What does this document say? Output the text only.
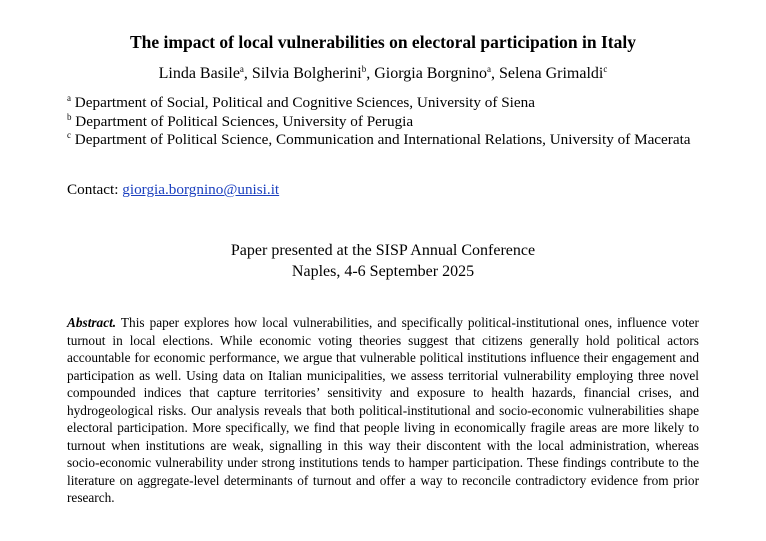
The impact of local vulnerabilities on electoral participation in Italy
Linda Basile$^a$, Silvia Bolgherini$^b$, Giorgia Borgnino$^a$, Selena Grimaldi$^c$

$^a$ Department of Social, Political and Cognitive Sciences, University of Siena

$^b$ Department of Political Sciences, University of Perugia

$^c$ Department of Political Science, Communication and International Relations, University of Macerata

Contact: giorgia.borgnino@unisi.it
Paper presented at the SISP Annual Conference
Naples, 4-6 September 2025

Abstract. This paper explores how local vulnerabilities, and specifically political-institutional ones, influence voter turnout in local elections. While economic voting theories suggest that citizens generally hold political actors accountable for economic performance, we argue that vulnerable political institutions influence their engagement and participation as well. Using data on Italian municipalities, we assess territorial vulnerability employing three novel compounded indices that capture territories’ sensitivity and exposure to health hazards, financial crises, and hydrogeological risks. Our analysis reveals that both political-institutional and socio-economic vulnerabilities shape electoral participation. More specifically, we find that people living in economically fragile areas are more likely to turnout when institutions are weak, signalling in this way their discontent with the local administration, whereas socio-economic vulnerability under strong institutions tends to hamper participation. These findings contribute to the literature on aggregate-level determinants of turnout and offer a way to reconcile contradictory evidence from prior research.
